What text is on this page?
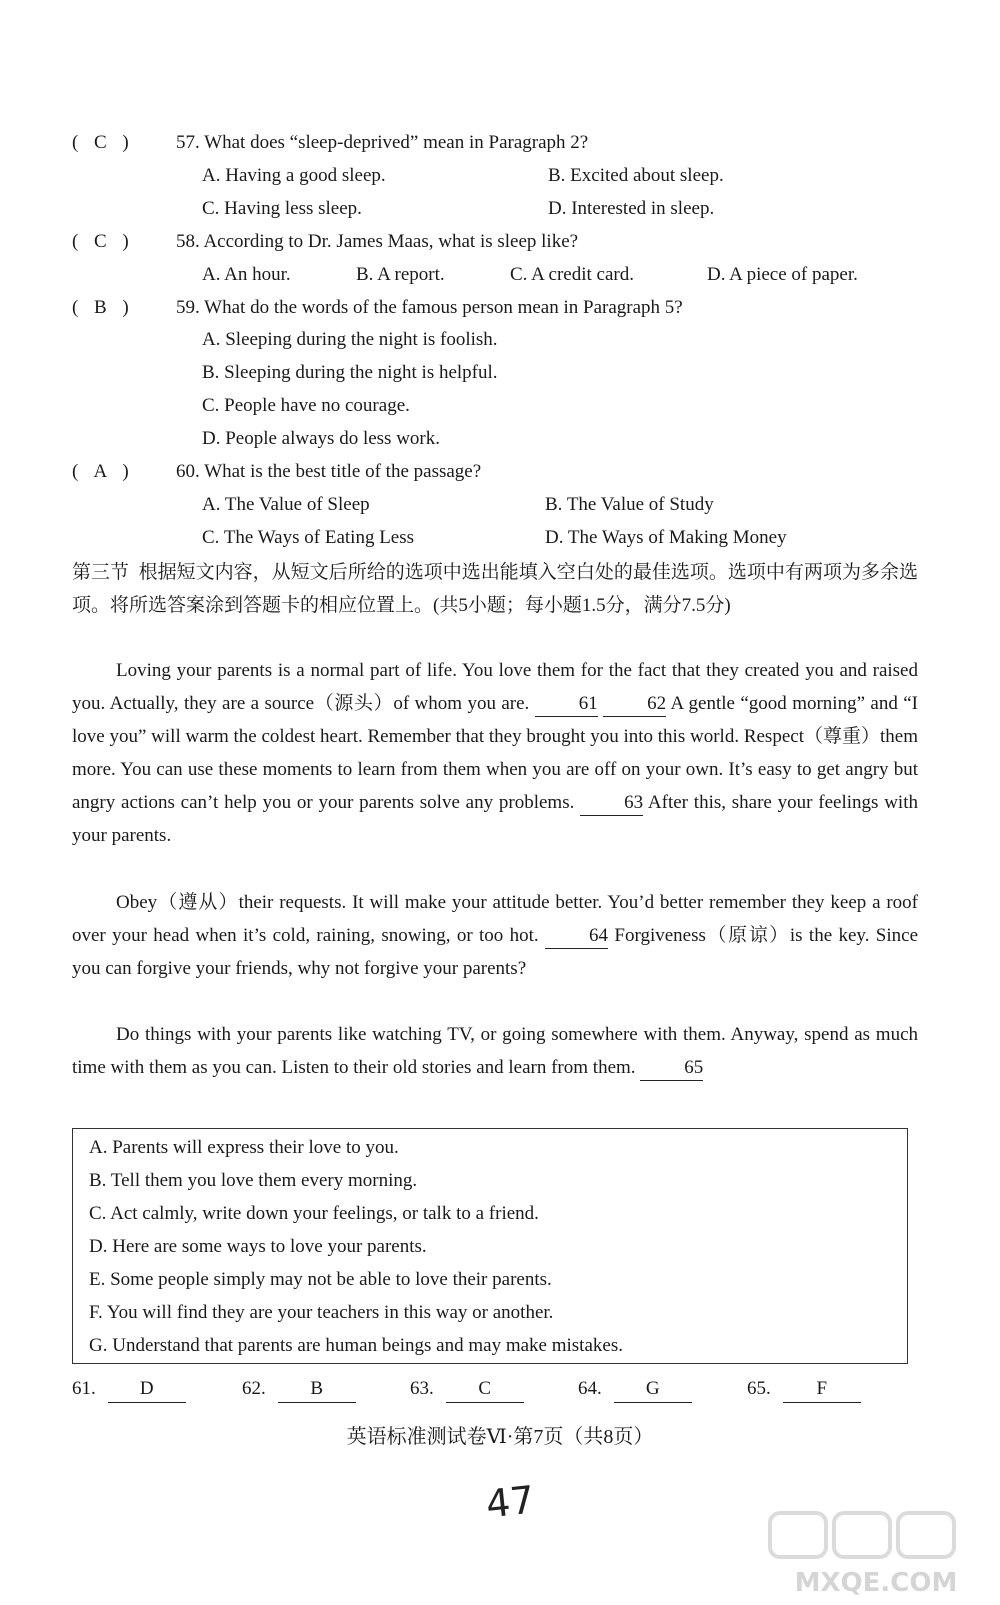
( C ) 57. What does “sleep-deprived” mean in Paragraph 2?
A. Having a good sleep.	B. Excited about sleep.
C. Having less sleep.	D. Interested in sleep.
( C ) 58. According to Dr. James Maas, what is sleep like?
A. An hour.	B. A report.	C. A credit card.	D. A piece of paper.
( B ) 59. What do the words of the famous person mean in Paragraph 5?
A. Sleeping during the night is foolish.
B. Sleeping during the night is helpful.
C. People have no courage.
D. People always do less work.
( A ) 60. What is the best title of the passage?
A. The Value of Sleep	B. The Value of Study
C. The Ways of Eating Less	D. The Ways of Making Money
第三节 根据短文内容，从短文后所给的选项中选出能填入空白处的最佳选项。选项中有两项为多余选项。将所选答案涂到答题卡的相应位置上。(共5小题；每小题1.5分，满分7.5分)
Loving your parents is a normal part of life. You love them for the fact that they created you and raised you. Actually, they are a source（源头）of whom you are.	61	62 A gentle “good morning” and “I love you” will warm the coldest heart. Remember that they brought you into this world. Respect（尊重）them more. You can use these moments to learn from them when you are off on your own. It’s easy to get angry but angry actions can’t help you or your parents solve any problems.	63 After this, share your feelings with your parents.
Obey（遵从）their requests. It will make your attitude better. You’d better remember they keep a roof over your head when it’s cold, raining, snowing, or too hot.	64 Forgiveness（原谅）is the key. Since you can forgive your friends, why not forgive your parents?
Do things with your parents like watching TV, or going somewhere with them. Anyway, spend as much time with them as you can. Listen to their old stories and learn from them.	65
A. Parents will express their love to you.
B. Tell them you love them every morning.
C. Act calmly, write down your feelings, or talk to a friend.
D. Here are some ways to love your parents.
E. Some people simply may not be able to love their parents.
F. You will find they are your teachers in this way or another.
G. Understand that parents are human beings and may make mistakes.
61. D	62. B	63. C	64. G	65. F
英语标准测试卷Ⅵ·第7页（共8页）
47
MXQE.COM
